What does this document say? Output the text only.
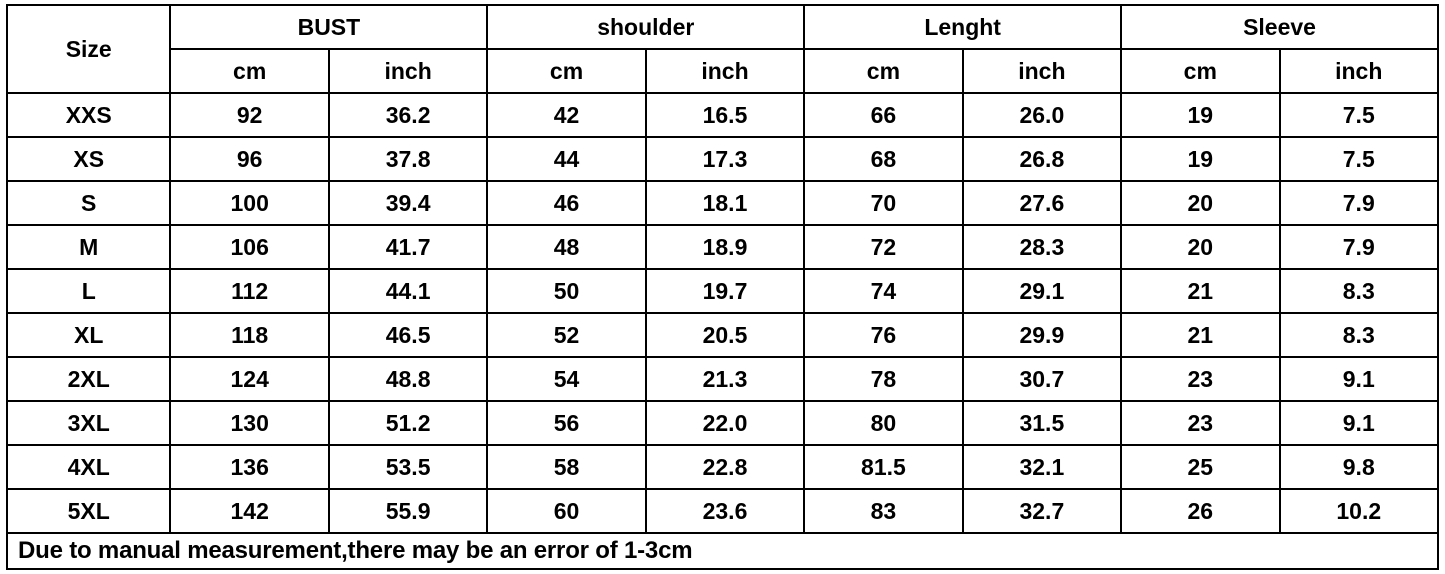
Size	BUST		shoulder		Lenght		Sleeve	
	cm	inch	cm	inch	cm	inch	cm	inch
XXS	92	36.2	42	16.5	66	26.0	19	7.5
XS	96	37.8	44	17.3	68	26.8	19	7.5
S	100	39.4	46	18.1	70	27.6	20	7.9
M	106	41.7	48	18.9	72	28.3	20	7.9
L	112	44.1	50	19.7	74	29.1	21	8.3
XL	118	46.5	52	20.5	76	29.9	21	8.3
2XL	124	48.8	54	21.3	78	30.7	23	9.1
3XL	130	51.2	56	22.0	80	31.5	23	9.1
4XL	136	53.5	58	22.8	81.5	32.1	25	9.8
5XL	142	55.9	60	23.6	83	32.7	26	10.2
Due to manual measurement,there may be an error of 1-3cm
